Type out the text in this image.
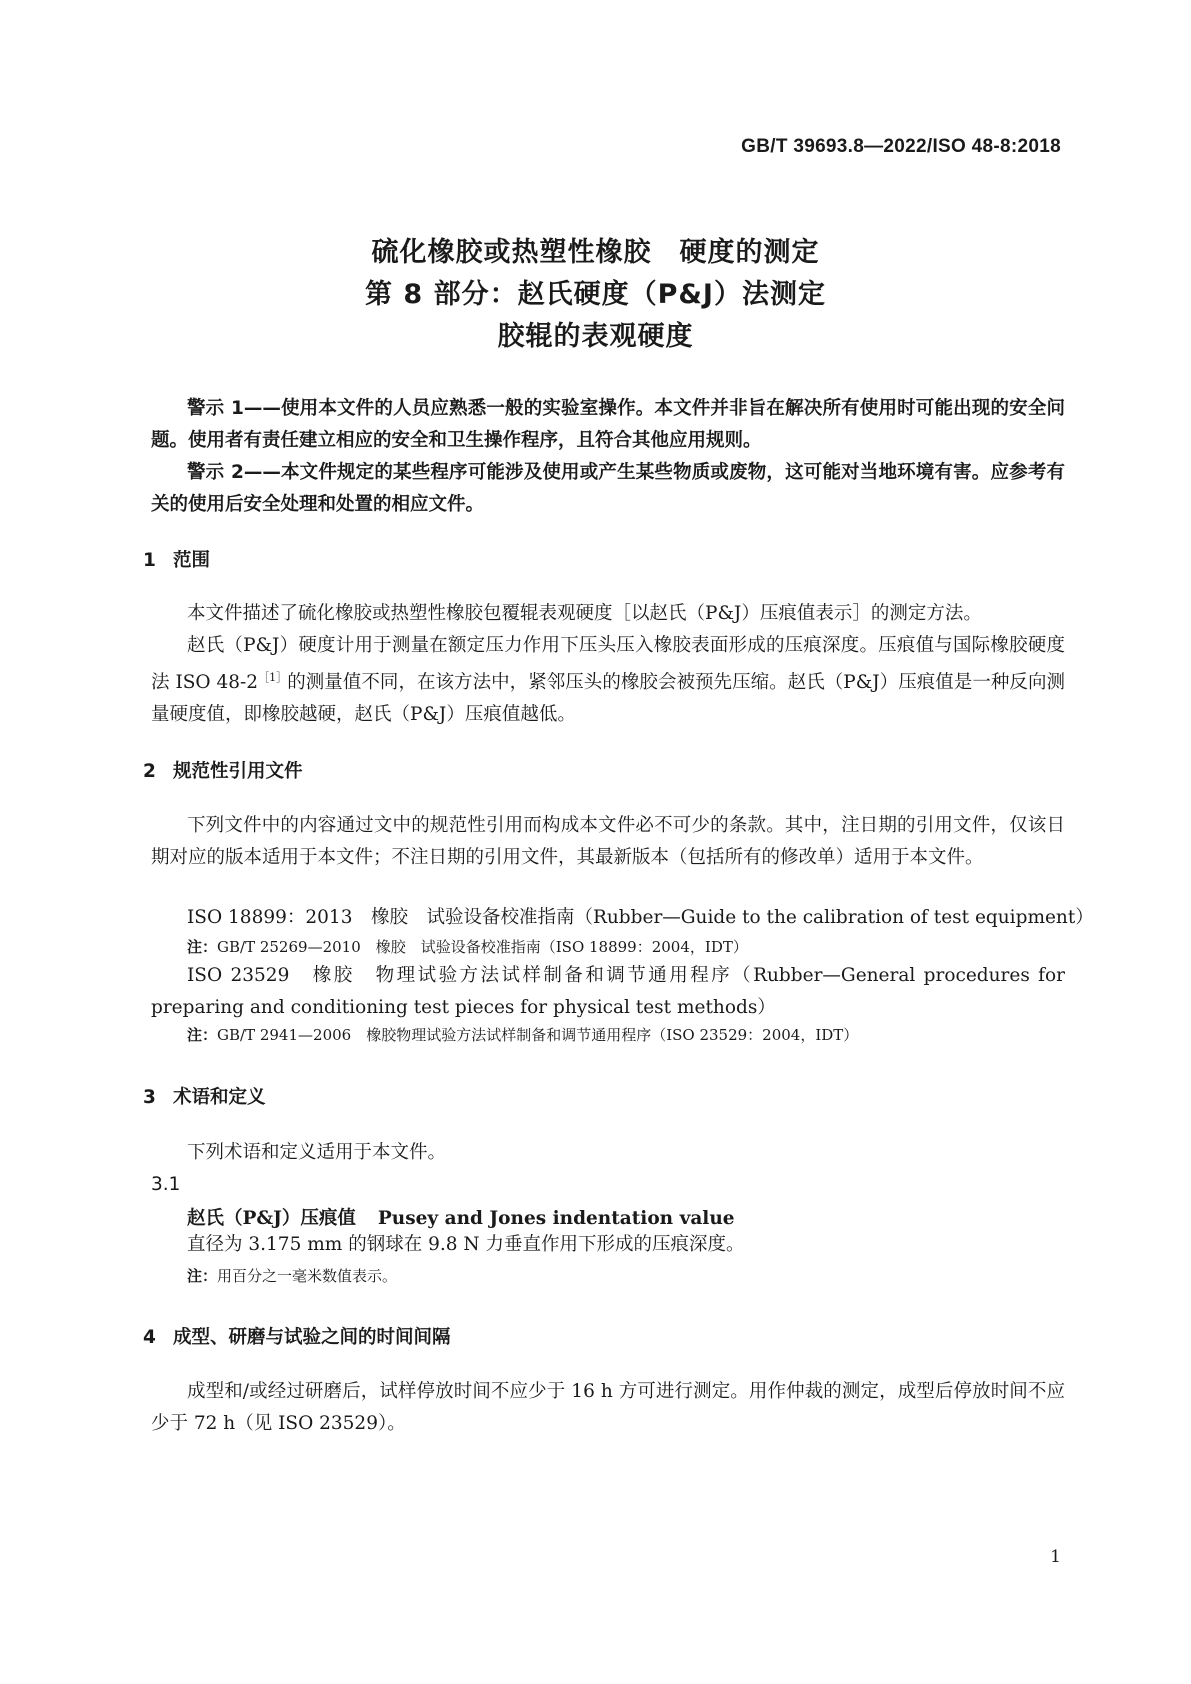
GB/T 39693.8—2022/ISO 48-8:2018
硫化橡胶或热塑性橡胶　硬度的测定
第 8 部分：赵氏硬度（P&J）法测定
胶辊的表观硬度
警示 1——使用本文件的人员应熟悉一般的实验室操作。本文件并非旨在解决所有使用时可能出现的安全问题。使用者有责任建立相应的安全和卫生操作程序，且符合其他应用规则。
警示 2——本文件规定的某些程序可能涉及使用或产生某些物质或废物，这可能对当地环境有害。应参考有关的使用后安全处理和处置的相应文件。
1 范围
本文件描述了硫化橡胶或热塑性橡胶包覆辊表观硬度［以赵氏（P&J）压痕值表示］的测定方法。
赵氏（P&J）硬度计用于测量在额定压力作用下压头压入橡胶表面形成的压痕深度。压痕值与国际橡胶硬度法 ISO $48-2^{[1]}$的测量值不同，在该方法中，紧邻压头的橡胶会被预先压缩。赵氏（P&J）压痕值是一种反向测量硬度值，即橡胶越硬，赵氏（P&J）压痕值越低。
2 规范性引用文件
下列文件中的内容通过文中的规范性引用而构成本文件必不可少的条款。其中，注日期的引用文件，仅该日期对应的版本适用于本文件；不注日期的引用文件，其最新版本（包括所有的修改单）适用于本文件。
ISO 18899：2013　橡胶　试验设备校准指南（Rubber—Guide to the calibration of test equipment）
注：GB/T 25269—2010　橡胶　试验设备校准指南（ISO 18899：2004，IDT）
ISO 23529　橡胶　物理试验方法试样制备和调节通用程序（Rubber—General procedures for preparing and conditioning test pieces for physical test methods）
注：GB/T 2941—2006　橡胶物理试验方法试样制备和调节通用程序（ISO 23529：2004，IDT）
3 术语和定义
下列术语和定义适用于本文件。
3.1
赵氏（P&J）压痕值 Pusey and Jones indentation value
直径为 3.175 mm 的钢球在 9.8 N 力垂直作用下形成的压痕深度。
注：用百分之一毫米数值表示。
4 成型、研磨与试验之间的时间间隔
成型和/或经过研磨后，试样停放时间不应少于 16 h 方可进行测定。用作仲裁的测定，成型后停放时间不应少于 72 h（见 ISO 23529）。
1
